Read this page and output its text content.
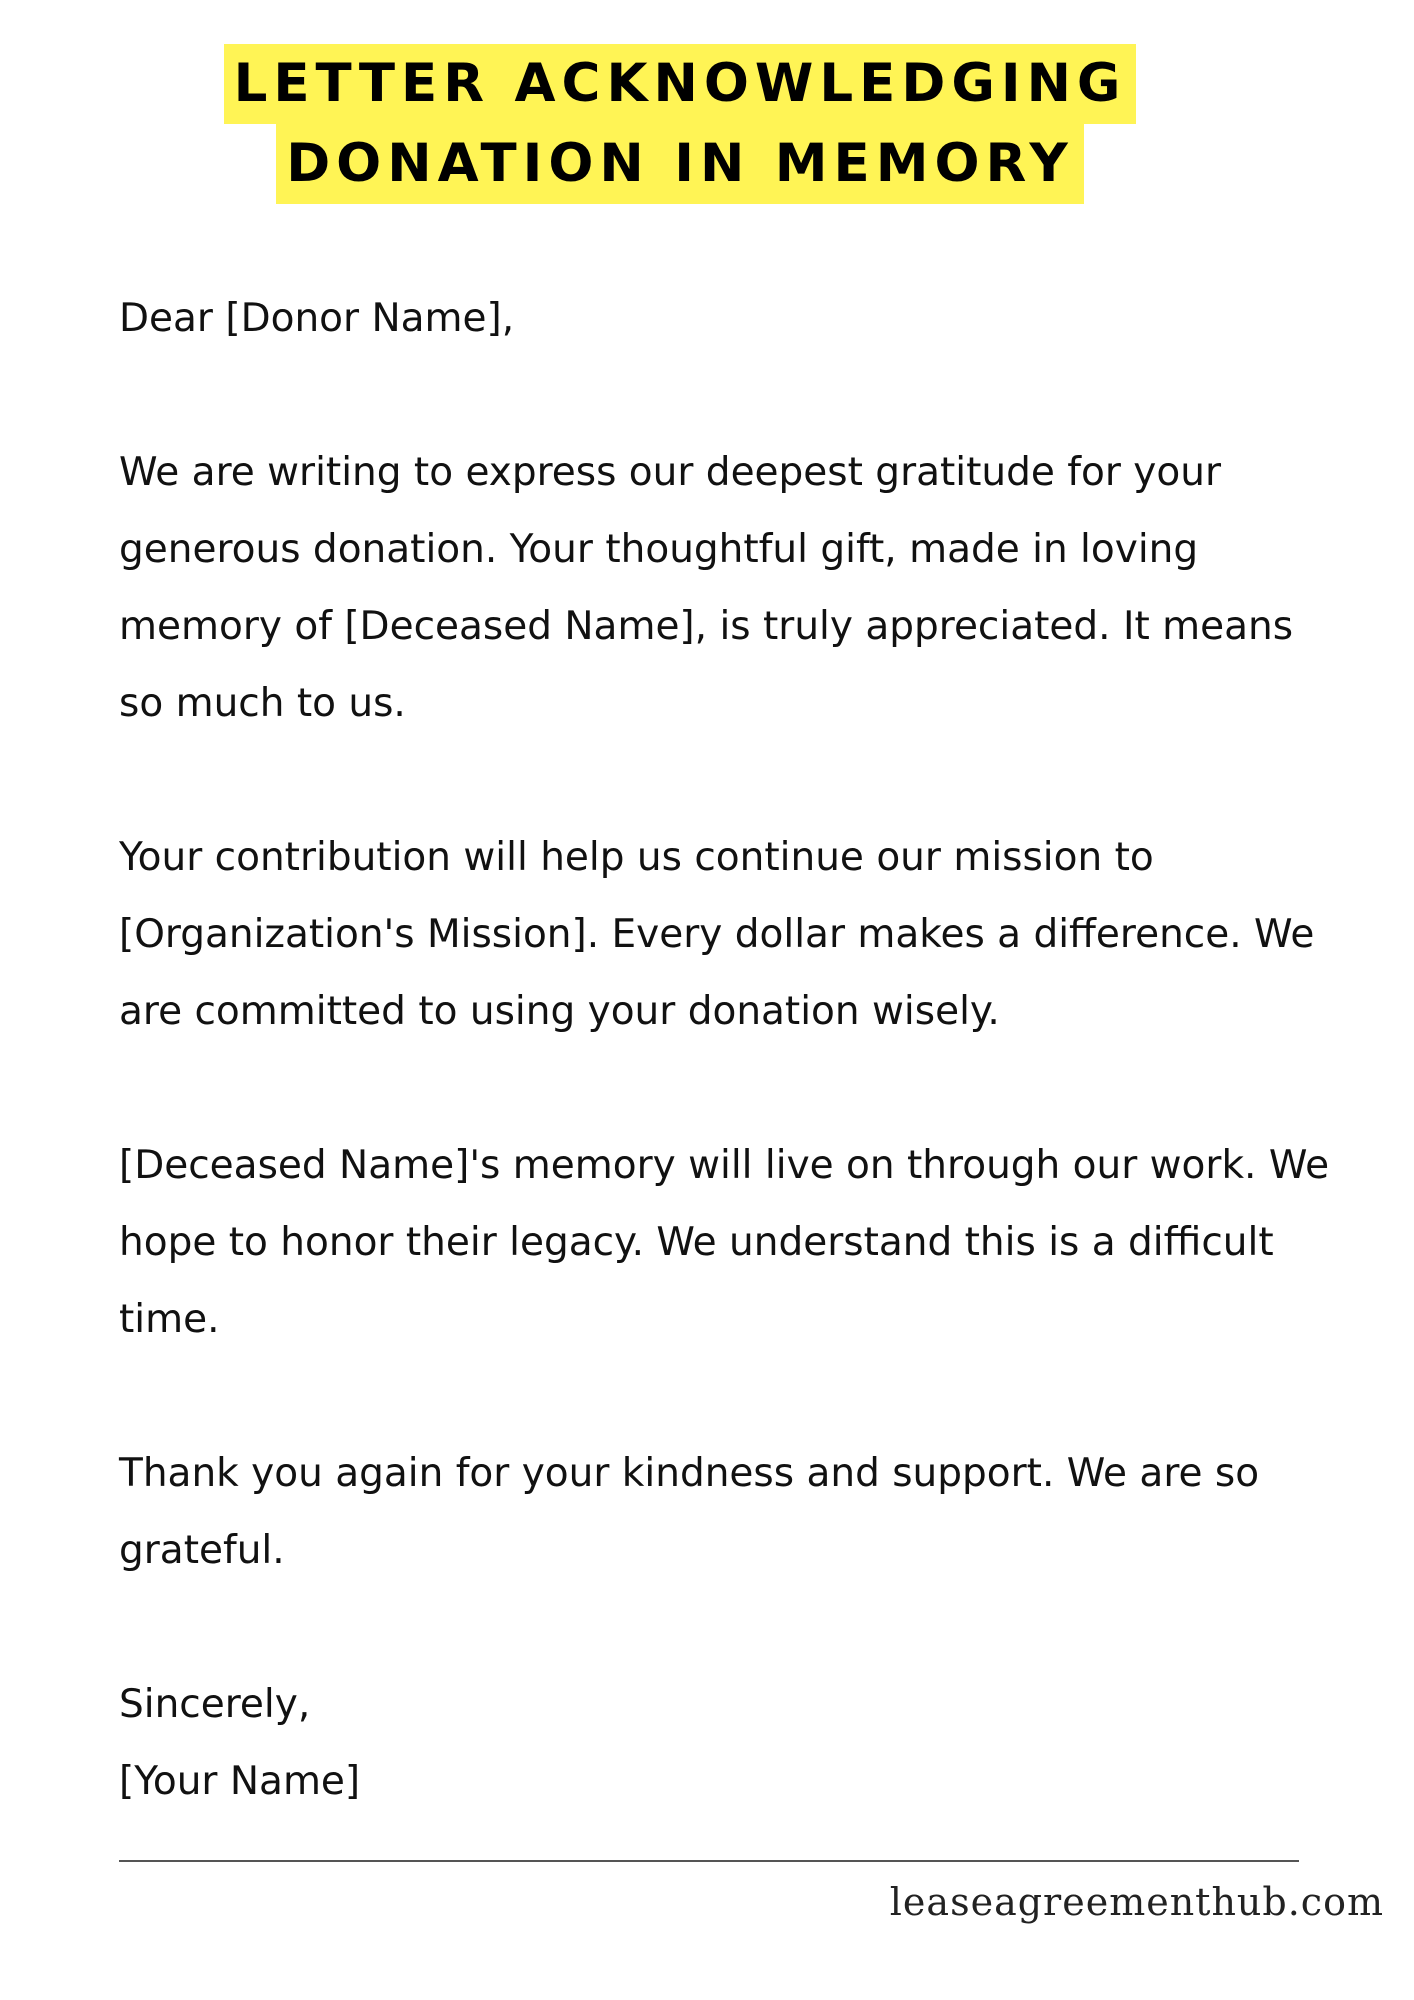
LETTER ACKNOWLEDGING
DONATION IN MEMORY

Dear [Donor Name],

We are writing to express our deepest gratitude for your generous donation. Your thoughtful gift, made in loving memory of [Deceased Name], is truly appreciated. It means so much to us.

Your contribution will help us continue our mission to [Organization's Mission]. Every dollar makes a difference. We are committed to using your donation wisely.

[Deceased Name]'s memory will live on through our work. We hope to honor their legacy. We understand this is a difficult time.

Thank you again for your kindness and support. We are so grateful.

Sincerely,

[Your Name]

leaseagreementhub.com
